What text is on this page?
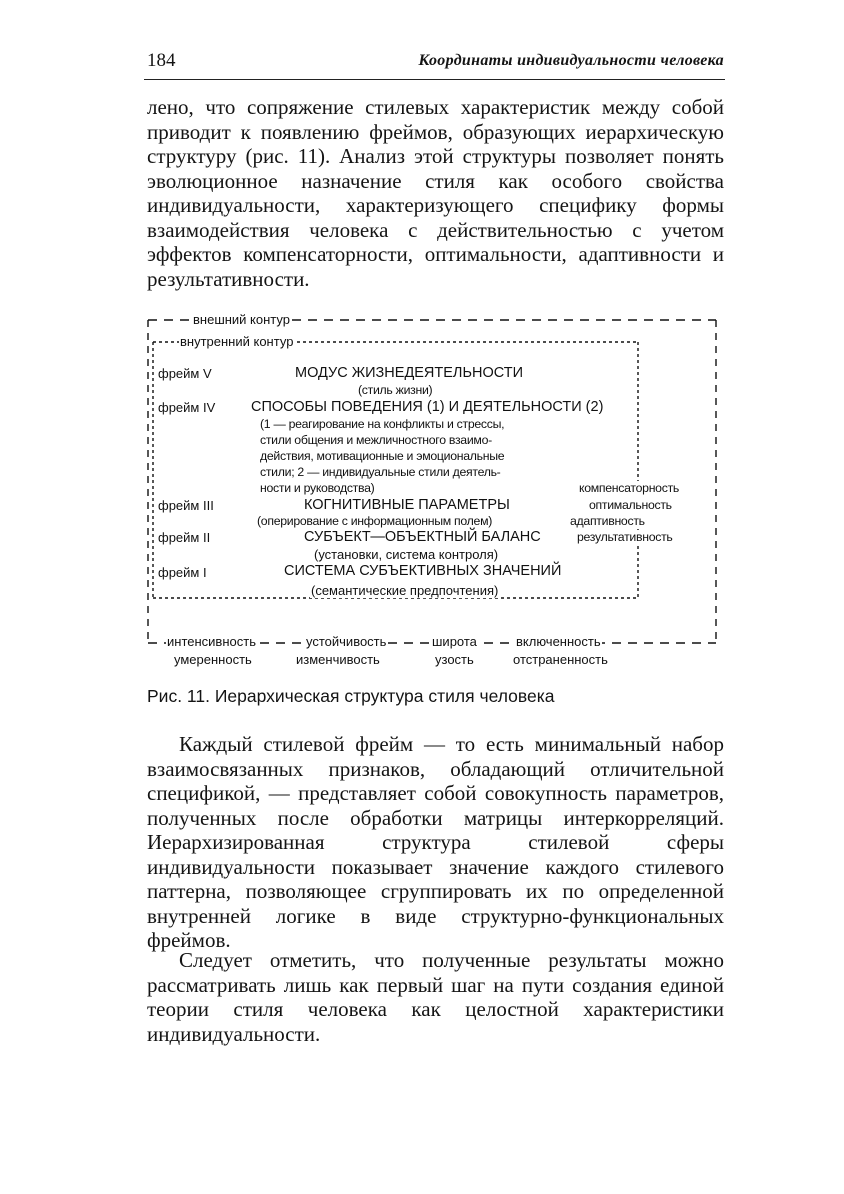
184	Координаты индивидуальности человека

лено, что сопряжение стилевых характеристик между собой приводит к появлению фреймов, образующих иерархическую структуру (рис. 11). Анализ этой структуры позволяет понять эволюционное назначение стиля как особого свойства индивидуальности, характеризующего специфику формы взаимодействия человека с действительностью с учетом эффектов компенсаторности, оптимальности, адаптивности и результативности.

внешний контур
внутренний контур
фрейм V	МОДУС ЖИЗНЕДЕЯТЕЛЬНОСТИ
(стиль жизни)
фрейм IV СПОСОБЫ ПОВЕДЕНИЯ (1) И ДЕЯТЕЛЬНОСТИ (2)
(1 — реагирование на конфликты и стрессы,
стили общения и межличностного взаимо-
действия, мотивационные и эмоциональные
стили; 2 — индивидуальные стили деятель-
ности и руководства)	компенсаторность
оптимальность
адаптивность
результативность
фрейм III	КОГНИТИВНЫЕ ПАРАМЕТРЫ
(оперирование с информационным полем)
фрейм II	СУБЪЕКТ—ОБЪЕКТНЫЙ БАЛАНС
(установки, система контроля)
фрейм I	СИСТЕМА СУБЪЕКТИВНЫХ ЗНАЧЕНИЙ
(семантические предпочтения)
интенсивность
умеренность
устойчивость
изменчивость
широта
узость
включенность
отстраненность
Рис. 11. Иерархическая структура стиля человека

Каждый стилевой фрейм — то есть минимальный набор взаимосвязанных признаков, обладающий отличительной спецификой, — представляет собой совокупность параметров, полученных после обработки матрицы интеркорреляций. Иерархизированная структура стилевой сферы индивидуальности показывает значение каждого стилевого паттерна, позволяющее сгруппировать их по определенной внутренней логике в виде структурно-функциональных фреймов.

Следует отметить, что полученные результаты можно рассматривать лишь как первый шаг на пути создания единой теории стиля человека как целостной характеристики индивидуальности.
